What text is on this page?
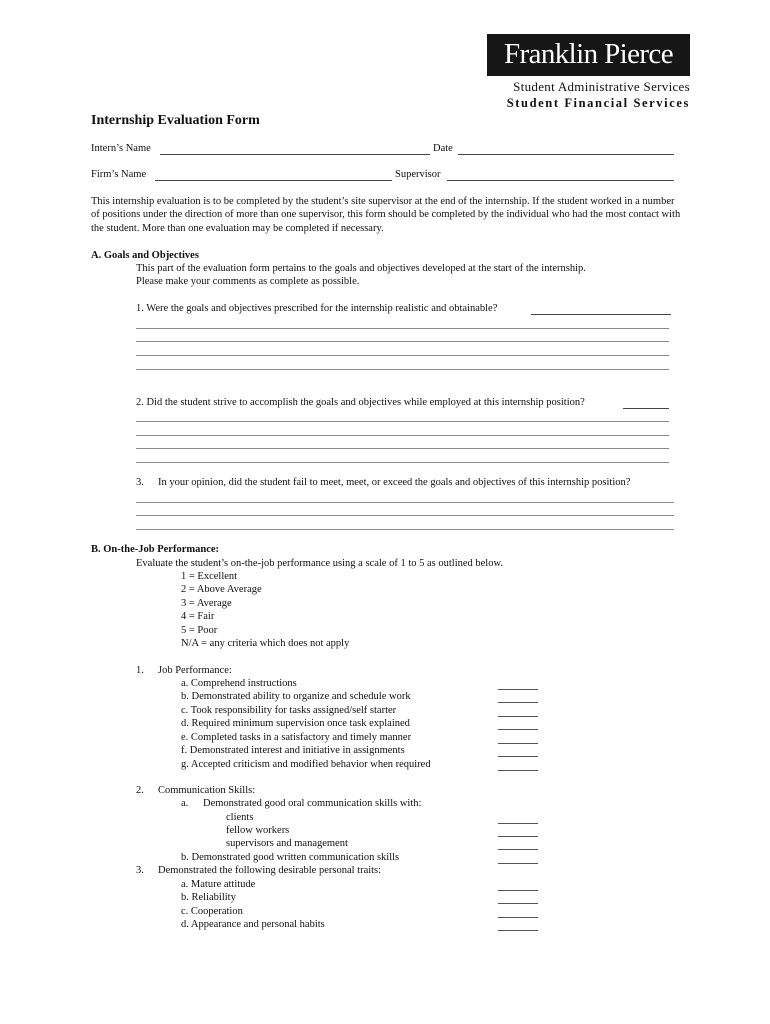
Franklin Pierce
Student Administrative Services
Student Financial Services
Internship Evaluation Form
Intern’s Name	Date
Firm’s Name	Supervisor

This internship evaluation is to be completed by the student’s site supervisor at the end of the internship. If the student worked in a number of positions under the direction of more than one supervisor, this form should be completed by the individual who had the most contact with the student. More than one evaluation may be completed if necessary.

A. Goals and Objectives
This part of the evaluation form pertains to the goals and objectives developed at the start of the internship.
Please make your comments as complete as possible.
1. Were the goals and objectives prescribed for the internship realistic and obtainable?
2. Did the student strive to accomplish the goals and objectives while employed at this internship position?
3. In your opinion, did the student fail to meet, meet, or exceed the goals and objectives of this internship position?
B. On-the-Job Performance:
Evaluate the student’s on-the-job performance using a scale of 1 to 5 as outlined below.
1 = Excellent
2 = Above Average
3 = Average
4 = Fair
5 = Poor
N/A = any criteria which does not apply
1. Job Performance:
a. Comprehend instructions
b. Demonstrated ability to organize and schedule work
c. Took responsibility for tasks assigned/self starter
d. Required minimum supervision once task explained
e. Completed tasks in a satisfactory and timely manner
f. Demonstrated interest and initiative in assignments
g. Accepted criticism and modified behavior when required
2. Communication Skills:
a. Demonstrated good oral communication skills with:
clients
fellow workers
supervisors and management
b. Demonstrated good written communication skills
3. Demonstrated the following desirable personal traits:
a. Mature attitude
b. Reliability
c. Cooperation
d. Appearance and personal habits
